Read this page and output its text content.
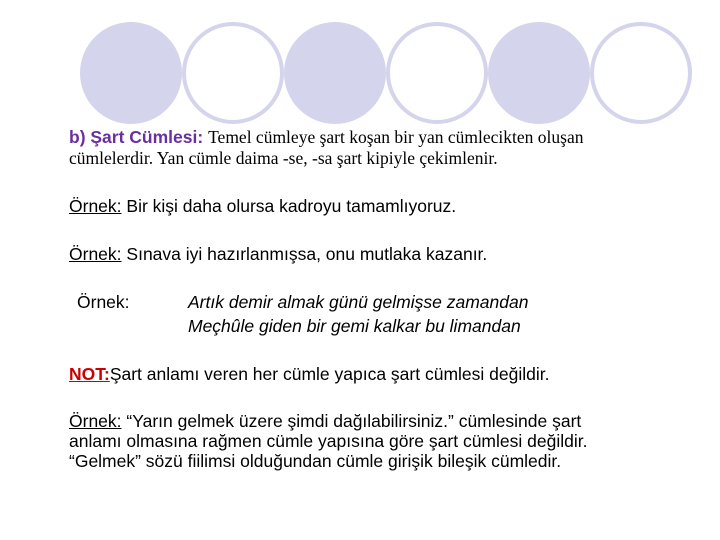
b) Şart Cümlesi: Temel cümleye şart koşan bir yan cümlecikten oluşan
cümlelerdir. Yan cümle daima -se, -sa şart kipiyle çekimlenir.
Örnek: Bir kişi daha olursa kadroyu tamamlıyoruz.
Örnek: Sınava iyi hazırlanmışsa, onu mutlaka kazanır.
Örnek:	Artık demir almak günü gelmişse zamandan
Meçhûle giden bir gemi kalkar bu limandan
NOT:Şart anlamı veren her cümle yapıca şart cümlesi değildir.
Örnek: “Yarın gelmek üzere şimdi dağılabilirsiniz.” cümlesinde şart
anlamı olmasına rağmen cümle yapısına göre şart cümlesi değildir.
“Gelmek” sözü fiilimsi olduğundan cümle girişik bileşik cümledir.
